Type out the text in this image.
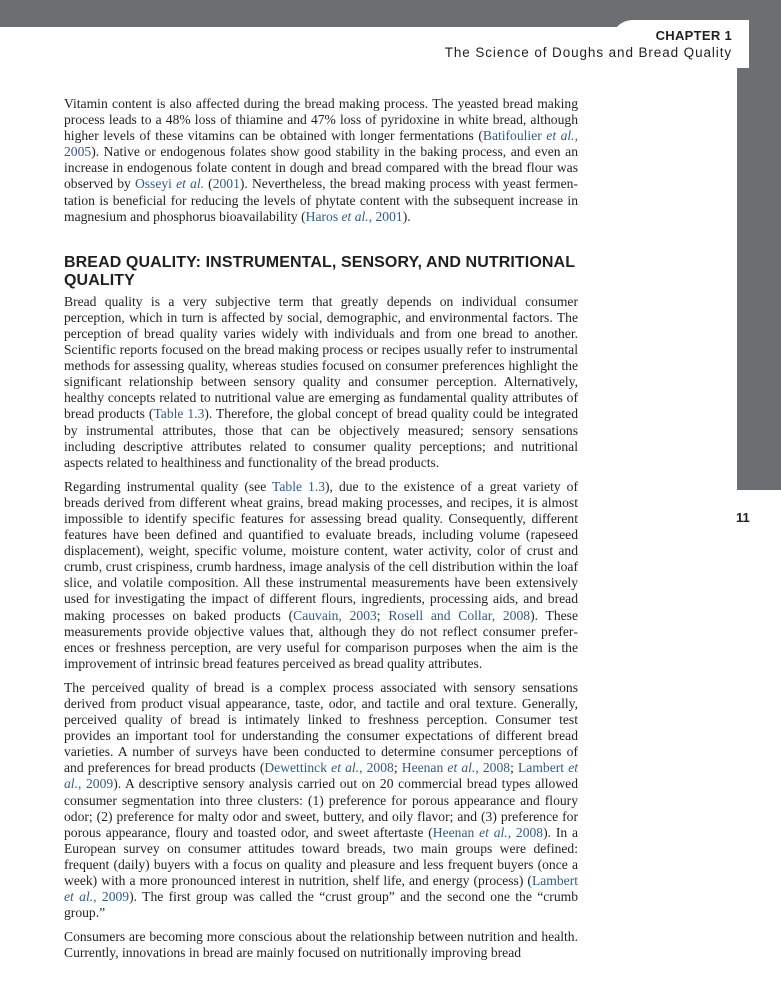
CHAPTER 1
The Science of Doughs and Bread Quality
11

Vitamin content is also affected during the bread making process. The yeasted bread making process leads to a 48% loss of thiamine and 47% loss of pyridoxine in white bread, although higher levels of these vitamins can be obtained with longer fermentations (Batifoulier et al., 2005). Native or endogenous folates show good stability in the baking process, and even an increase in endogenous folate content in dough and bread compared with the bread flour was observed by Osseyi et al. (2001). Nevertheless, the bread making process with yeast fermentation is beneficial for reducing the levels of phytate content with the subsequent increase in magnesium and phosphorus bioavailability (Haros et al., 2001).

BREAD QUALITY: INSTRUMENTAL, SENSORY, AND NUTRITIONAL QUALITY

Bread quality is a very subjective term that greatly depends on individual consumer perception, which in turn is affected by social, demographic, and environmental factors. The perception of bread quality varies widely with individuals and from one bread to another. Scientific reports focused on the bread making process or recipes usually refer to instrumental methods for assessing quality, whereas studies focused on consumer preferences highlight the significant relationship between sensory quality and consumer perception. Alternatively, healthy concepts related to nutritional value are emerging as fundamental quality attributes of bread products (Table 1.3). Therefore, the global concept of bread quality could be integrated by instrumental attributes, those that can be objectively measured; sensory sensations including descriptive attributes related to consumer quality perceptions; and nutritional aspects related to healthiness and functionality of the bread products.

Regarding instrumental quality (see Table 1.3), due to the existence of a great variety of breads derived from different wheat grains, bread making processes, and recipes, it is almost impossible to identify specific features for assessing bread quality. Consequently, different features have been defined and quantified to evaluate breads, including volume (rapeseed displacement), weight, specific volume, moisture content, water activity, color of crust and crumb, crust crispiness, crumb hardness, image analysis of the cell distribution within the loaf slice, and volatile composition. All these instrumental measurements have been extensively used for investigating the impact of different flours, ingredients, processing aids, and bread making processes on baked products (Cauvain, 2003; Rosell and Collar, 2008). These measurements provide objective values that, although they do not reflect consumer preferences or freshness perception, are very useful for comparison purposes when the aim is the improvement of intrinsic bread features perceived as bread quality attributes.

The perceived quality of bread is a complex process associated with sensory sensations derived from product visual appearance, taste, odor, and tactile and oral texture. Generally, perceived quality of bread is intimately linked to freshness perception. Consumer test provides an important tool for understanding the consumer expectations of different bread varieties. A number of surveys have been conducted to determine consumer perceptions of and preferences for bread products (Dewettinck et al., 2008; Heenan et al., 2008; Lambert et al., 2009). A descriptive sensory analysis carried out on 20 commercial bread types allowed consumer segmentation into three clusters: (1) preference for porous appearance and floury odor; (2) preference for malty odor and sweet, buttery, and oily flavor; and (3) preference for porous appearance, floury and toasted odor, and sweet aftertaste (Heenan et al., 2008). In a European survey on consumer attitudes toward breads, two main groups were defined: frequent (daily) buyers with a focus on quality and pleasure and less frequent buyers (once a week) with a more pronounced interest in nutrition, shelf life, and energy (process) (Lambert et al., 2009). The first group was called the “crust group” and the second one the “crumb group.”

Consumers are becoming more conscious about the relationship between nutrition and health. Currently, innovations in bread are mainly focused on nutritionally improving bread
